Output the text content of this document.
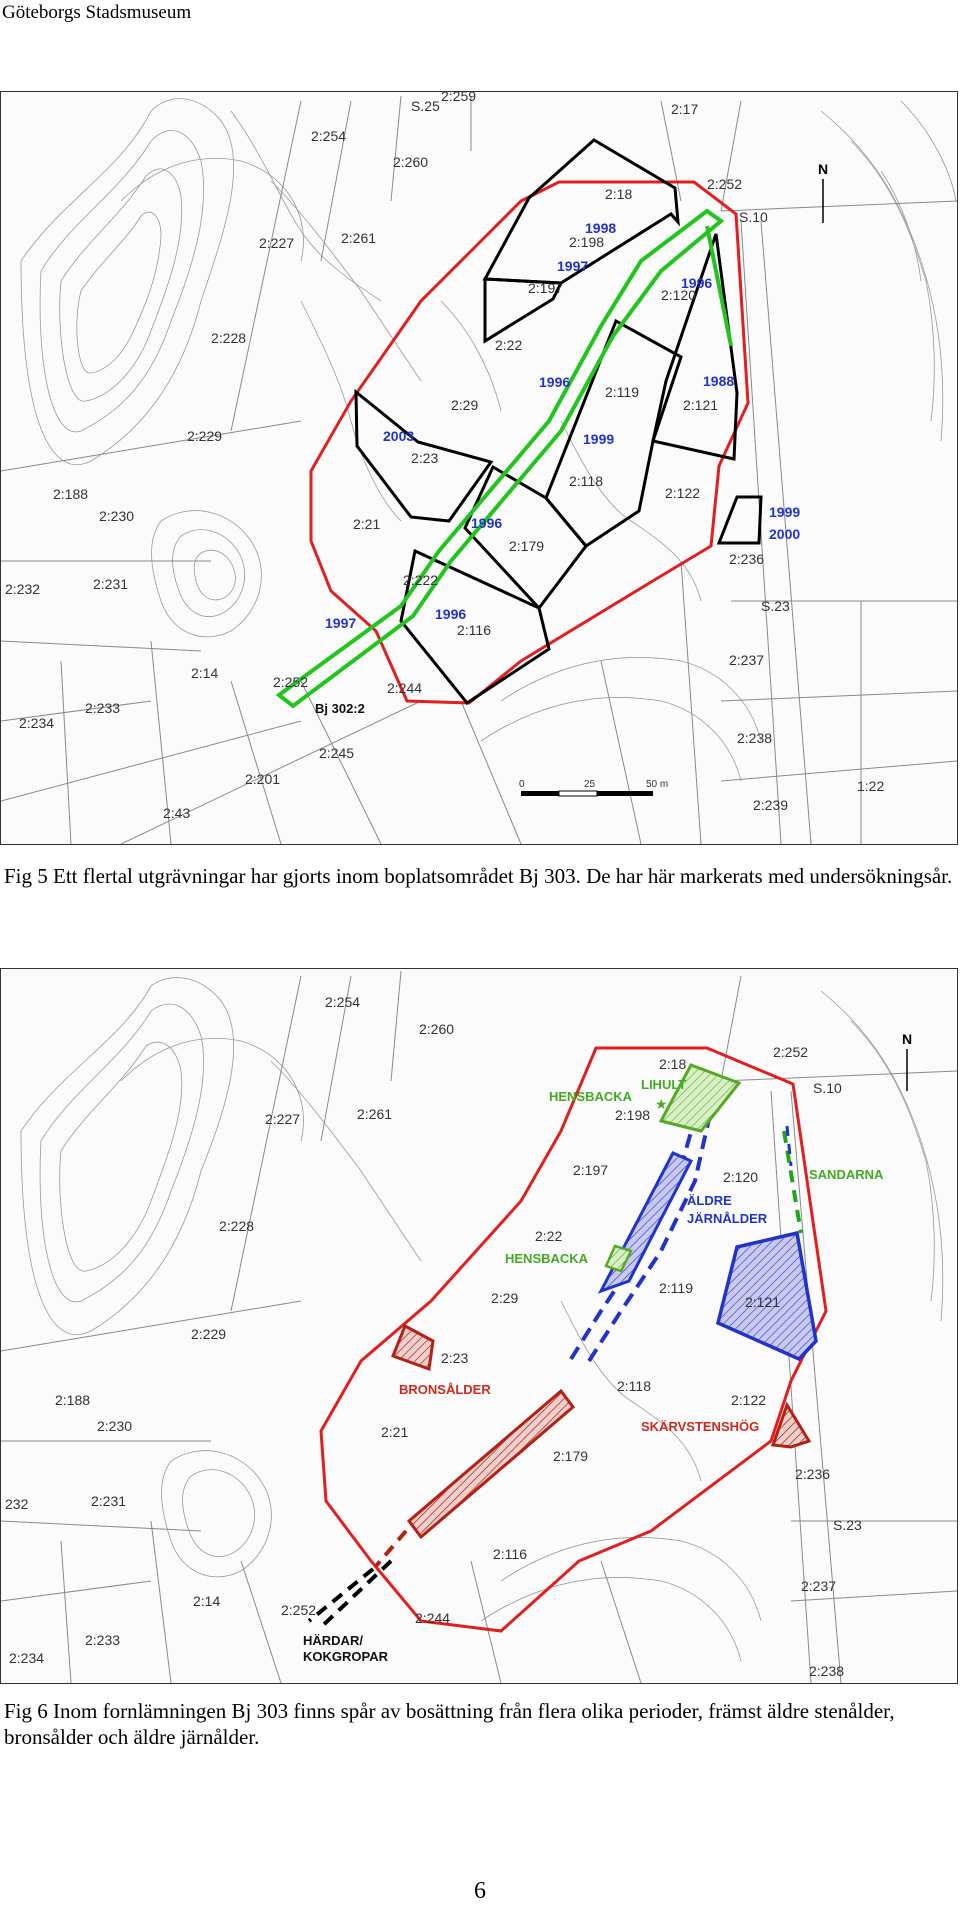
Göteborgs Stadsmuseum
S.25
2:259
2:254
2:260
2:17
2:18
2:252
S.10
2:227	2:261	2:198
2:197	2:120
2:228	2:22
2:29
2:119
2:121
2:229
2:23
2:118
2:188	2:122
2:230	2:21
2:179
2:236
2:232	2:231	2:222
S.23
2:116
2:237
2:14
2:252	2:244
2:234
2:233
2:238
2:245
2:201	1:22
2:43	2:239
1998
1997
1996
1996	1988
2003	1999
1999
2000
1996
1997
1996
Bj 302:2
N
0	25	50 m
Fig 5 Ett flertal utgrävningar har gjorts inom boplatsområdet Bj 303. De har här markerats med undersökningsår.
2:254
2:260
2:18
2:252
S.10
2:227	2:261	2:198
2:197	2:120
2:228
2:22
2:29
2:119
2:121
2:229
2:23
2:118
2:122
2:188
2:230	2:21
2:179
2:236
232	2:231
S.23
2:116
2:237
2:14
2:252	2:244
2:233
2:234
2:238
LIHULT
HENSBACKA
SANDARNA
ÄLDRE
JÄRNÅLDER
HENSBACKA
BRONSÅLDER
SKÄRVSTENSHÖG
HÄRDAR/
KOKGROPAR
N
★
Fig 6 Inom fornlämningen Bj 303 finns spår av bosättning från flera olika perioder, främst äldre stenålder, bronsålder och äldre järnålder.
6
